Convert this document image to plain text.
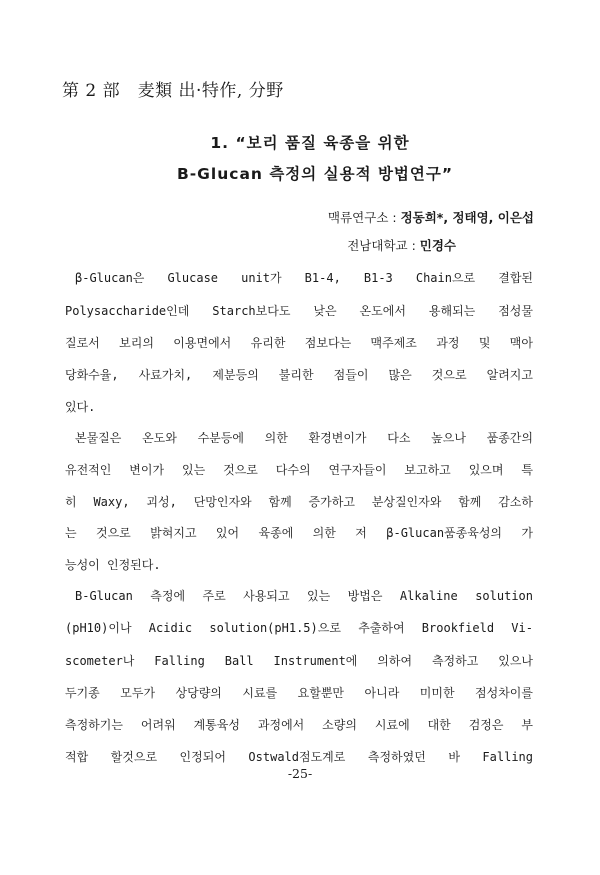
第 2 部　麦類 出·特作, 分野
1. “보리 품질 육종을 위한
B-Glucan 측정의 실용적 방법연구”
맥류연구소 : 정동희*, 정태영, 이은섭
전남대학교 : 민경수
β-Glucan은 Glucase unit가 B1-4, B1-3 Chain으로 결합된
Polysaccharide인데 Starch보다도 낮은 온도에서 용해되는 점성물
질로서 보리의 이용면에서 유리한 점보다는 맥주제조 과정 및 맥아
당화수율, 사료가치, 제분등의 불리한 점들이 많은 것으로 알려지고
있다.
본물질은 온도와 수분등에 의한 환경변이가 다소 높으나 품종간의
유전적인 변이가 있는 것으로 다수의 연구자들이 보고하고 있으며 특
히 Waxy, 괴성, 단망인자와 함께 증가하고 분상질인자와 함께 감소하
는 것으로 밝혀지고 있어 육종에 의한 저 β-Glucan품종육성의 가
능성이 인정된다.
B-Glucan 측정에 주로 사용되고 있는 방법은 Alkaline solution
(pH10)이나 Acidic solution(pH1.5)으로 추출하여 Brookfield Vi-
scometer나 Falling Ball Instrument에 의하여 측정하고 있으나
두기종 모두가 상당량의 시료를 요할뿐만 아니라 미미한 점성차이를
측정하기는 어려워 계통육성 과정에서 소량의 시료에 대한 검정은 부
적합 할것으로 인정되어 Ostwald점도계로 측정하였던 바 Falling
-25-
